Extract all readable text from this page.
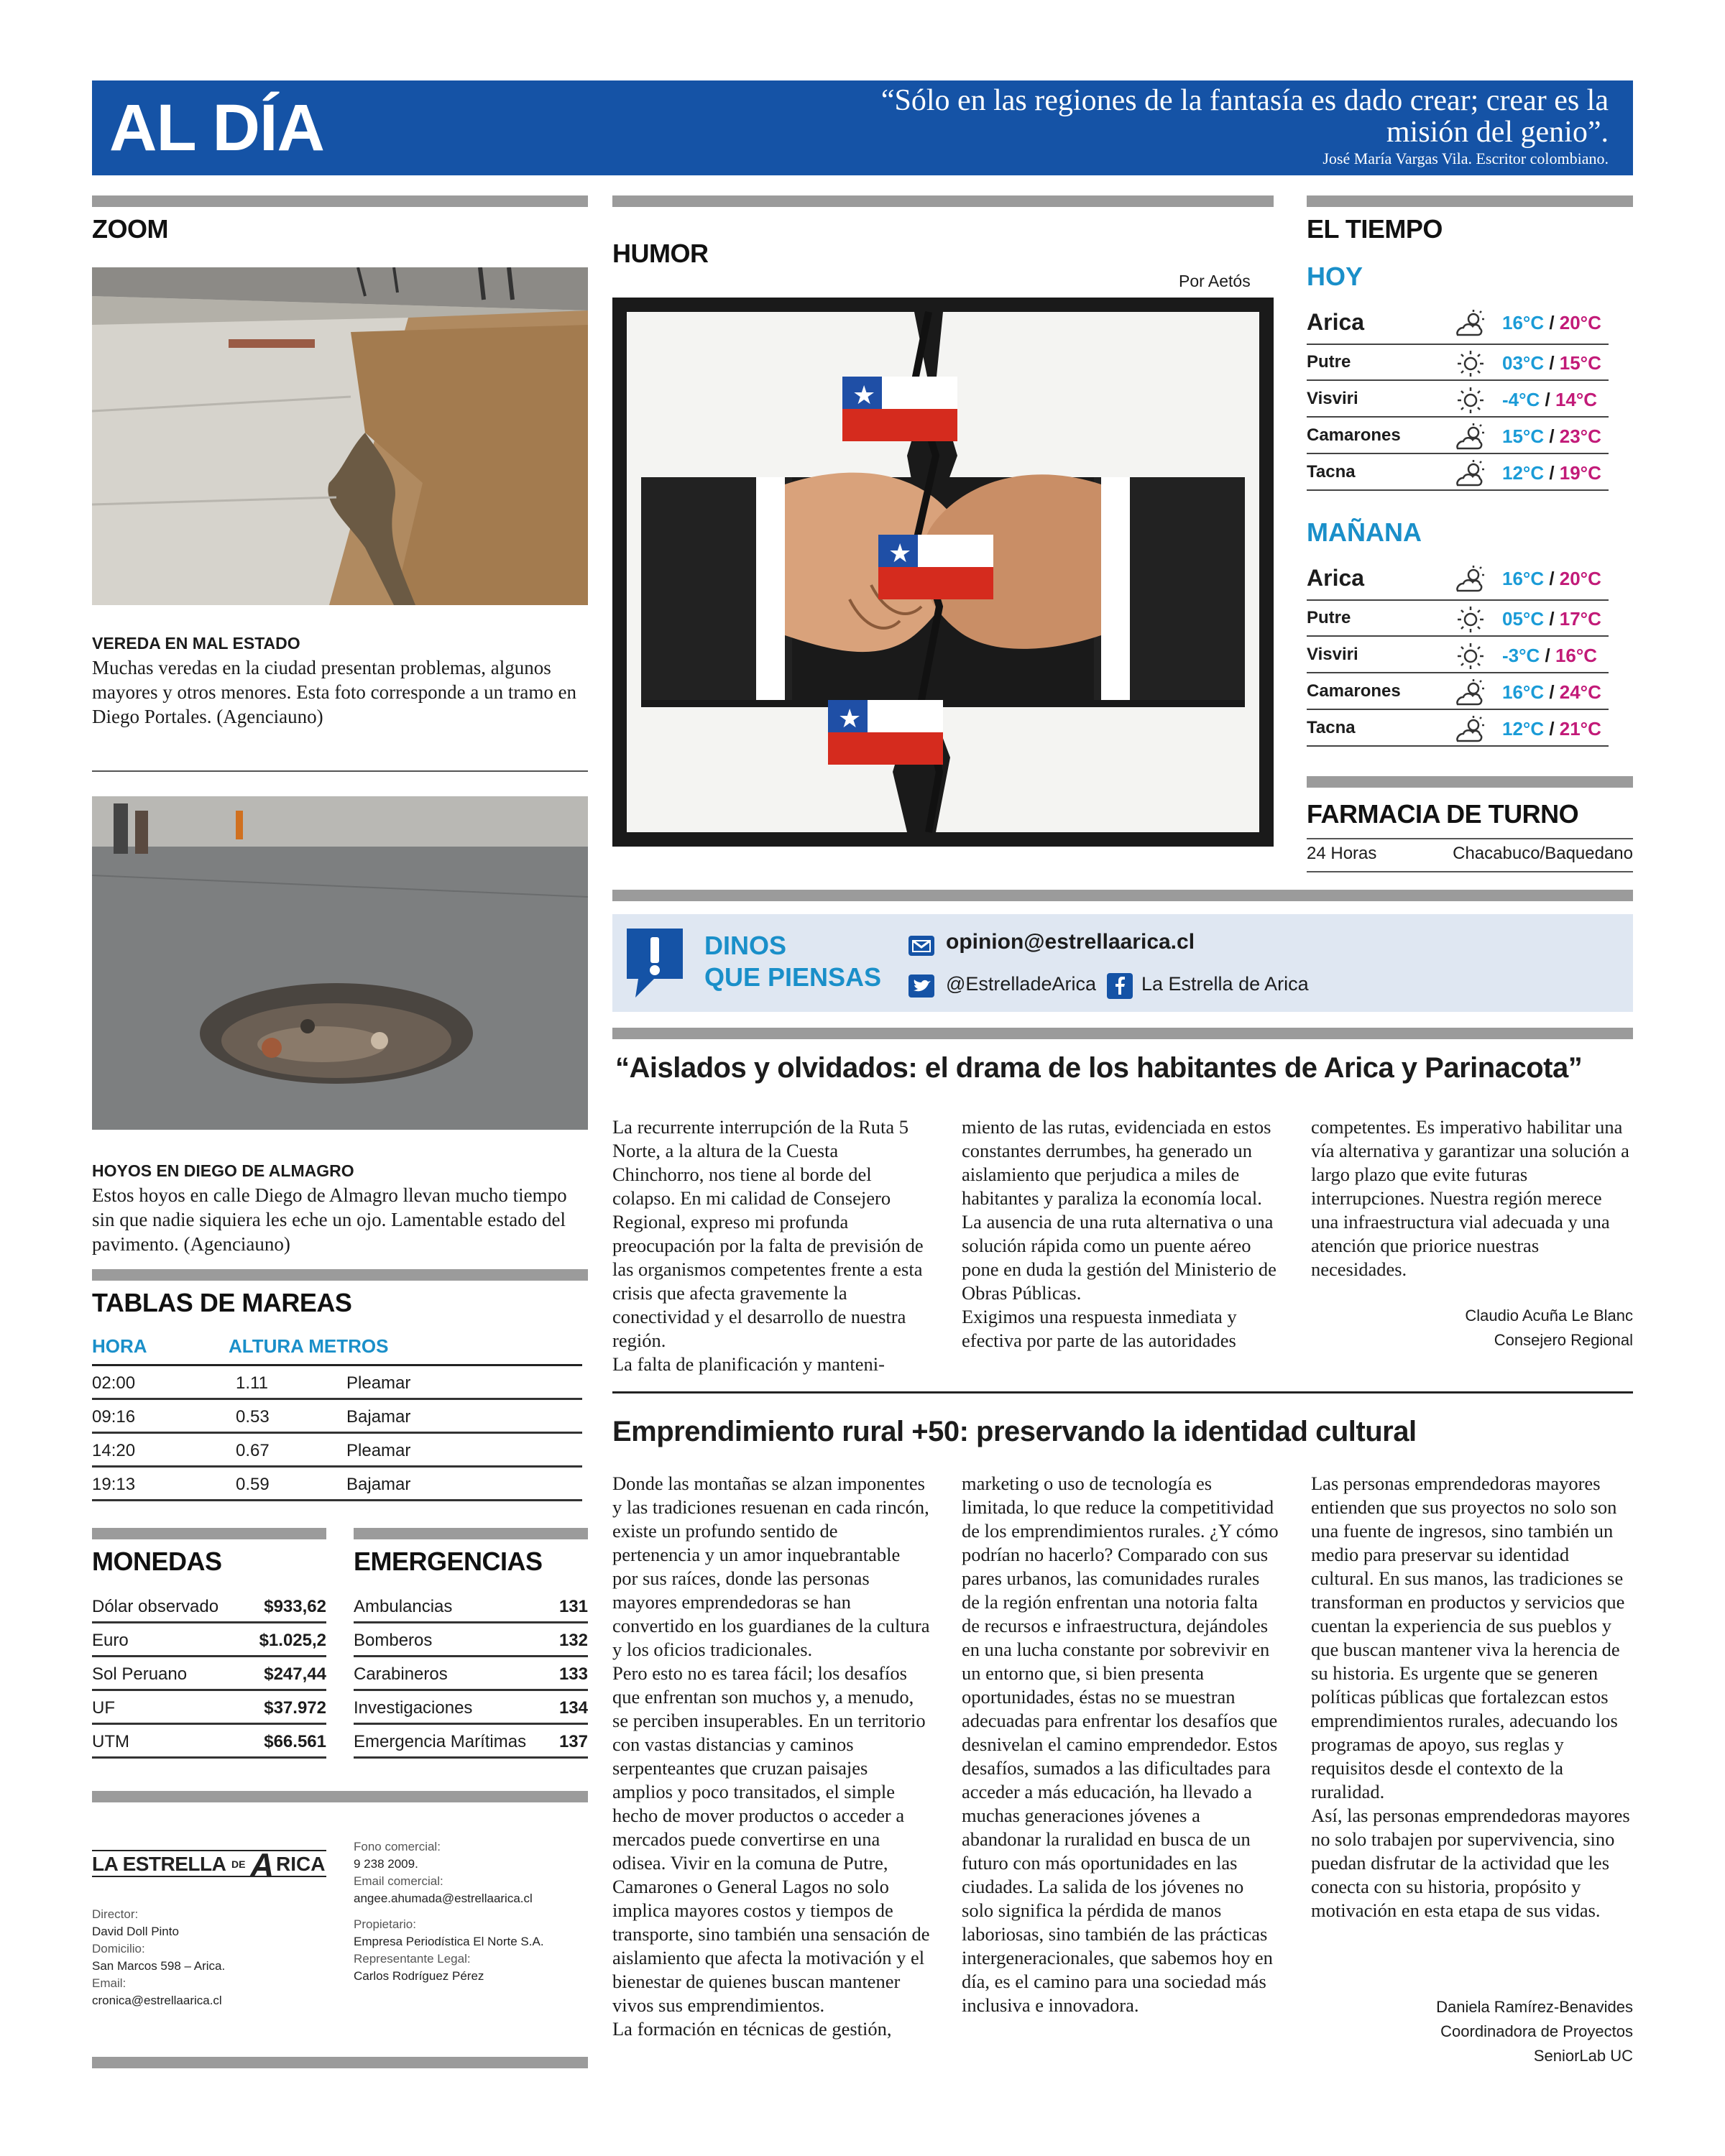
AL DÍA	“Sólo en las regiones de la fantasía es dado crear; crear es la misión del genio”.
José María Vargas Vila. Escritor colombiano.
ZOOM
VEREDA EN MAL ESTADO
Muchas veredas en la ciudad presentan problemas, algunos mayores y otros menores. Esta foto corresponde a un tramo en Diego Portales. (Agenciauno)
HOYOS EN DIEGO DE ALMAGRO
Estos hoyos en calle Diego de Almagro llevan mucho tiempo sin que nadie siquiera les eche un ojo. Lamentable estado del pavimento. (Agenciauno)
TABLAS DE MAREAS
HORA	ALTURA METROS
02:00	1.11	Pleamar
09:16	0.53	Bajamar
14:20	0.67	Pleamar
19:13	0.59	Bajamar
MONEDAS
Dólar observado	$933,62
Euro	$1.025,2
Sol Peruano	$247,44
UF	$37.972
UTM	$66.561
EMERGENCIAS
Ambulancias	131
Bomberos	132
Carabineros	133
Investigaciones	134
Emergencia Marítimas 137
LA ESTRELLA DE A RICA
Director:
David Doll Pinto
Domicilio:
San Marcos 598 – Arica.
Email:
cronica@estrellaarica.cl
Fono comercial:
9 238 2009.
Email comercial:
angee.ahumada@estrellaarica.cl
Propietario:
Empresa Periodística El Norte S.A.
Representante Legal:
Carlos Rodríguez Pérez
HUMOR
Por Aetós
★
★
★
EL TIEMPO
HOY
Arica	16°C / 20°C
Putre	03°C / 15°C
Visviri	-4°C / 14°C
Camarones	15°C / 23°C
Tacna	12°C / 19°C
MAÑANA
Arica	16°C / 20°C
Putre	05°C / 17°C
Visviri	-3°C / 16°C
Camarones	16°C / 24°C
Tacna	12°C / 21°C
FARMACIA DE TURNO
24 Horas	Chacabuco/Baquedano
DINOS
QUE PIENSAS
opinion@estrellaarica.cl
@EstrelladeArica La Estrella de Arica
“Aislados y olvidados: el drama de los habitantes de Arica y Parinacota”
La recurrente interrupción de la Ruta 5 Norte, a la altura de la Cuesta Chinchorro, nos tiene al borde del colapso. En mi calidad de Consejero Regional, expreso mi profunda preocupación por la falta de previsión de las organismos competentes frente a esta crisis que afecta gravemente la conectividad y el desarrollo de nuestra región.
La falta de planificación y manteni-
miento de las rutas, evidenciada en estos constantes derrumbes, ha generado un aislamiento que perjudica a miles de habitantes y paraliza la economía local. La ausencia de una ruta alternativa o una solución rápida como un puente aéreo pone en duda la gestión del Ministerio de Obras Públicas.
Exigimos una respuesta inmediata y efectiva por parte de las autoridades
competentes. Es imperativo habilitar una vía alternativa y garantizar una solución a largo plazo que evite futuras interrupciones. Nuestra región merece una infraestructura vial adecuada y una atención que priorice nuestras necesidades.
Claudio Acuña Le Blanc
Consejero Regional
Emprendimiento rural +50: preservando la identidad cultural
Donde las montañas se alzan imponentes y las tradiciones resuenan en cada rincón, existe un profundo sentido de pertenencia y un amor inquebrantable por sus raíces, donde las personas mayores emprendedoras se han convertido en los guardianes de la cultura y los oficios tradicionales.
Pero esto no es tarea fácil; los desafíos que enfrentan son muchos y, a menudo, se perciben insuperables. En un territorio con vastas distancias y caminos serpenteantes que cruzan paisajes amplios y poco transitados, el simple hecho de mover productos o acceder a mercados puede convertirse en una odisea. Vivir en la comuna de Putre, Camarones o General Lagos no solo implica mayores costos y tiempos de transporte, sino también una sensación de aislamiento que afecta la motivación y el bienestar de quienes buscan mantener vivos sus emprendimientos.
La formación en técnicas de gestión,
marketing o uso de tecnología es limitada, lo que reduce la competitividad de los emprendimientos rurales. ¿Y cómo podrían no hacerlo? Comparado con sus pares urbanos, las comunidades rurales de la región enfrentan una notoria falta de recursos e infraestructura, dejándoles en una lucha constante por sobrevivir en un entorno que, si bien presenta oportunidades, éstas no se muestran adecuadas para enfrentar los desafíos que desnivelan el camino emprendedor. Estos desafíos, sumados a las dificultades para acceder a más educación, ha llevado a muchas generaciones jóvenes a abandonar la ruralidad en busca de un futuro con más oportunidades en las ciudades. La salida de los jóvenes no solo significa la pérdida de manos laboriosas, sino también de las prácticas intergeneracionales, que sabemos hoy en día, es el camino para una sociedad más inclusiva e innovadora.
Las personas emprendedoras mayores entienden que sus proyectos no solo son una fuente de ingresos, sino también un medio para preservar su identidad cultural. En sus manos, las tradiciones se transforman en productos y servicios que cuentan la experiencia de sus pueblos y que buscan mantener viva la herencia de su historia. Es urgente que se generen políticas públicas que fortalezcan estos emprendimientos rurales, adecuando los programas de apoyo, sus reglas y requisitos desde el contexto de la ruralidad.
Así, las personas emprendedoras mayores no solo trabajen por supervivencia, sino puedan disfrutar de la actividad que les conecta con su historia, propósito y motivación en esta etapa de sus vidas.
Daniela Ramírez-Benavides
Coordinadora de Proyectos
SeniorLab UC
